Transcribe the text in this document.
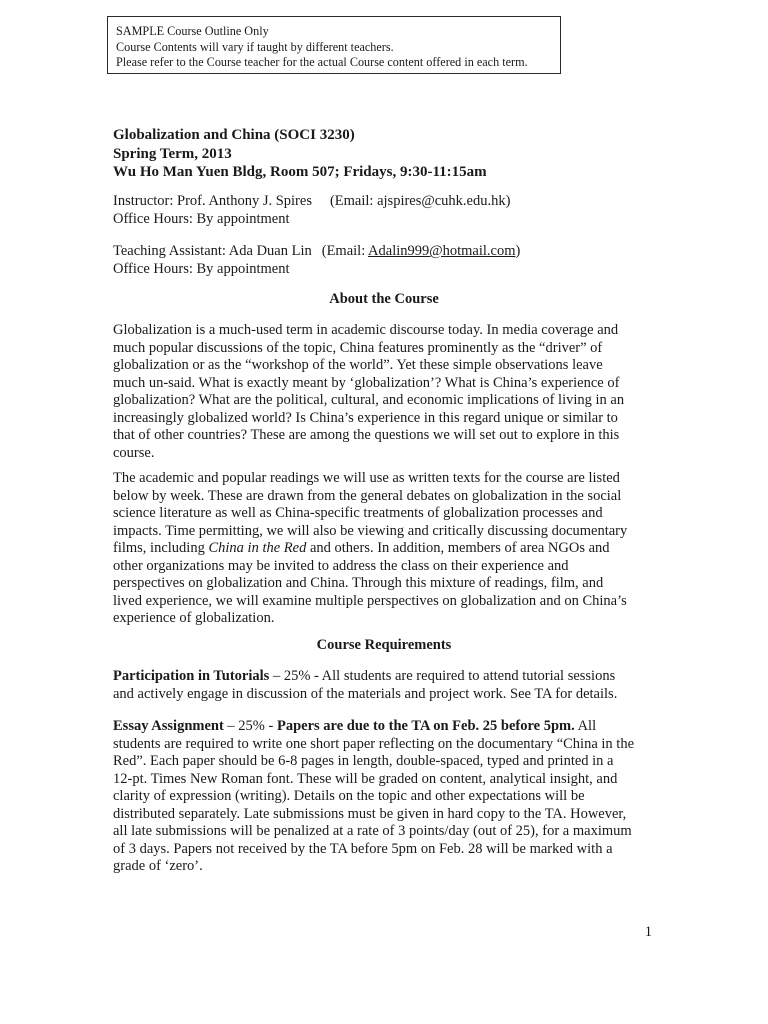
SAMPLE Course Outline Only
Course Contents will vary if taught by different teachers.
Please refer to the Course teacher for the actual Course content offered in each term.
Globalization and China (SOCI 3230)
Spring Term, 2013
Wu Ho Man Yuen Bldg, Room 507; Fridays, 9:30-11:15am
Instructor: Prof. Anthony J. Spires (Email: ajspires@cuhk.edu.hk)
Office Hours: By appointment
Teaching Assistant: Ada Duan Lin (Email: Adalin999@hotmail.com)
Office Hours: By appointment
About the Course
Globalization is a much-used term in academic discourse today. In media coverage and
much popular discussions of the topic, China features prominently as the “driver” of
globalization or as the “workshop of the world”. Yet these simple observations leave
much un-said. What is exactly meant by ‘globalization’? What is China’s experience of
globalization? What are the political, cultural, and economic implications of living in an
increasingly globalized world? Is China’s experience in this regard unique or similar to
that of other countries? These are among the questions we will set out to explore in this
course.
The academic and popular readings we will use as written texts for the course are listed
below by week. These are drawn from the general debates on globalization in the social
science literature as well as China-specific treatments of globalization processes and
impacts. Time permitting, we will also be viewing and critically discussing documentary
films, including China in the Red and others. In addition, members of area NGOs and
other organizations may be invited to address the class on their experience and
perspectives on globalization and China. Through this mixture of readings, film, and
lived experience, we will examine multiple perspectives on globalization and on China’s
experience of globalization.
Course Requirements
Participation in Tutorials – 25% - All students are required to attend tutorial sessions
and actively engage in discussion of the materials and project work. See TA for details.
Essay Assignment – 25% - Papers are due to the TA on Feb. 25 before 5pm. All
students are required to write one short paper reflecting on the documentary “China in the
Red”. Each paper should be 6-8 pages in length, double-spaced, typed and printed in a
12-pt. Times New Roman font. These will be graded on content, analytical insight, and
clarity of expression (writing). Details on the topic and other expectations will be
distributed separately. Late submissions must be given in hard copy to the TA. However,
all late submissions will be penalized at a rate of 3 points/day (out of 25), for a maximum
of 3 days. Papers not received by the TA before 5pm on Feb. 28 will be marked with a
grade of ‘zero’.
1
